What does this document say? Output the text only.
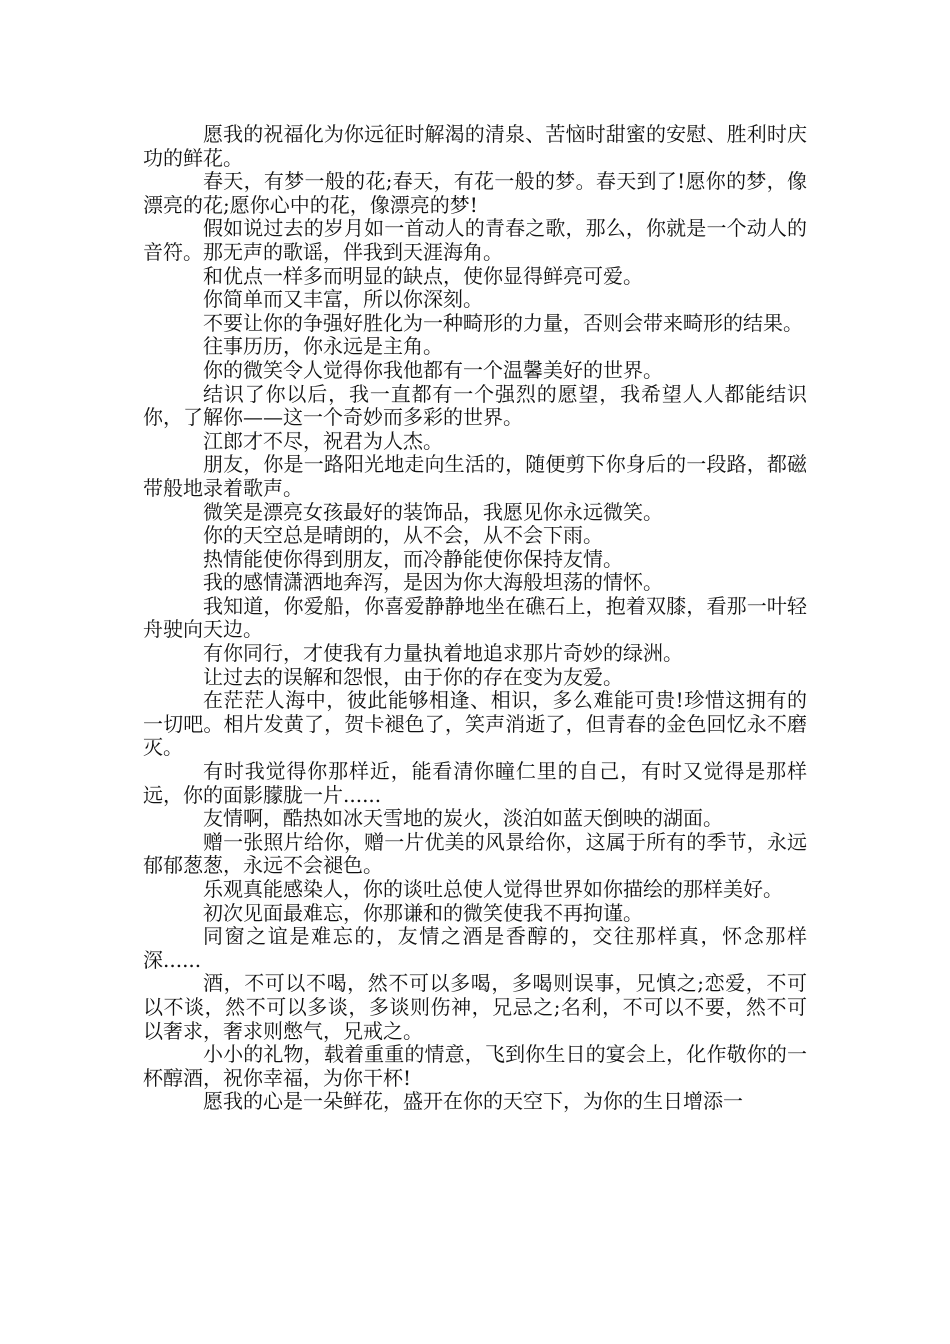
愿我的祝福化为你远征时解渴的清泉、苦恼时甜蜜的安慰、胜利时庆功的鲜花。

春天，有梦一般的花;春天，有花一般的梦。春天到了!愿你的梦，像漂亮的花;愿你心中的花，像漂亮的梦!

假如说过去的岁月如一首动人的青春之歌，那么，你就是一个动人的音符。那无声的歌谣，伴我到天涯海角。

和优点一样多而明显的缺点，使你显得鲜亮可爱。

你简单而又丰富，所以你深刻。

不要让你的争强好胜化为一种畸形的力量，否则会带来畸形的结果。

往事历历，你永远是主角。

你的微笑令人觉得你我他都有一个温馨美好的世界。

结识了你以后，我一直都有一个强烈的愿望，我希望人人都能结识你，了解你——这一个奇妙而多彩的世界。

江郎才不尽，祝君为人杰。

朋友，你是一路阳光地走向生活的，随便剪下你身后的一段路，都磁带般地录着歌声。

微笑是漂亮女孩最好的装饰品，我愿见你永远微笑。

你的天空总是晴朗的，从不会，从不会下雨。

热情能使你得到朋友，而冷静能使你保持友情。

我的感情潇洒地奔泻，是因为你大海般坦荡的情怀。

我知道，你爱船，你喜爱静静地坐在礁石上，抱着双膝，看那一叶轻舟驶向天边。

有你同行，才使我有力量执着地追求那片奇妙的绿洲。

让过去的误解和怨恨，由于你的存在变为友爱。

在茫茫人海中，彼此能够相逢、相识，多么难能可贵!珍惜这拥有的一切吧。相片发黄了，贺卡褪色了，笑声消逝了，但青春的金色回忆永不磨灭。

有时我觉得你那样近，能看清你瞳仁里的自己，有时又觉得是那样远，你的面影朦胧一片......

友情啊，酷热如冰天雪地的炭火，淡泊如蓝天倒映的湖面。

赠一张照片给你，赠一片优美的风景给你，这属于所有的季节，永远郁郁葱葱，永远不会褪色。

乐观真能感染人，你的谈吐总使人觉得世界如你描绘的那样美好。

初次见面最难忘，你那谦和的微笑使我不再拘谨。

同窗之谊是难忘的，友情之酒是香醇的，交往那样真，怀念那样深......

酒，不可以不喝，然不可以多喝，多喝则误事，兄慎之;恋爱，不可以不谈，然不可以多谈，多谈则伤神，兄忌之;名利，不可以不要，然不可以奢求，奢求则憋气，兄戒之。

小小的礼物，载着重重的情意，飞到你生日的宴会上，化作敬你的一杯醇酒，祝你幸福，为你干杯!

愿我的心是一朵鲜花，盛开在你的天空下，为你的生日增添一
